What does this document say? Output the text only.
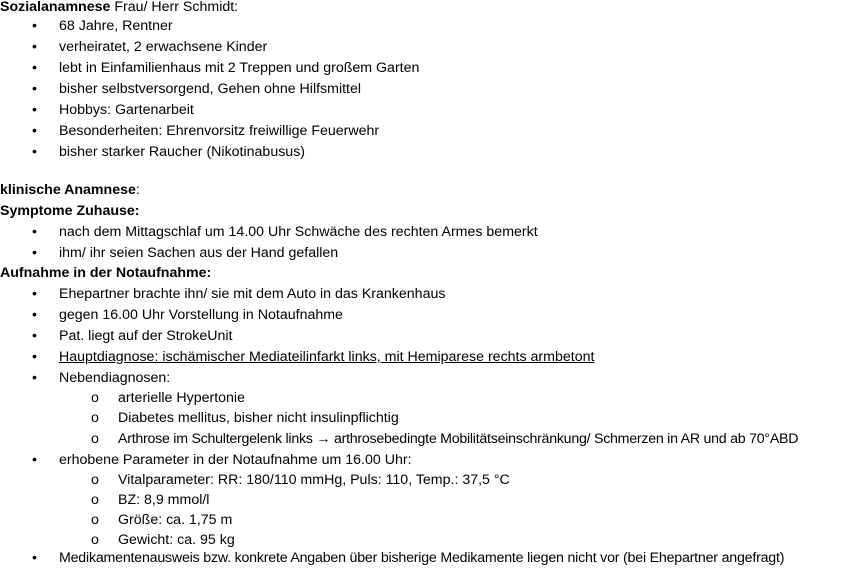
Sozialanamnese Frau/ Herr Schmidt:
• 68 Jahre, Rentner
• verheiratet, 2 erwachsene Kinder
• lebt in Einfamilienhaus mit 2 Treppen und großem Garten
• bisher selbstversorgend, Gehen ohne Hilfsmittel
• Hobbys: Gartenarbeit
• Besonderheiten: Ehrenvorsitz freiwillige Feuerwehr
• bisher starker Raucher (Nikotinabusus)
klinische Anamnese:
Symptome Zuhause:
• nach dem Mittagschlaf um 14.00 Uhr Schwäche des rechten Armes bemerkt
• ihm/ ihr seien Sachen aus der Hand gefallen
Aufnahme in der Notaufnahme:
• Ehepartner brachte ihn/ sie mit dem Auto in das Krankenhaus
• gegen 16.00 Uhr Vorstellung in Notaufnahme
• Pat. liegt auf der StrokeUnit
• Hauptdiagnose: ischämischer Mediateilinfarkt links, mit Hemiparese rechts armbetont
• Nebendiagnosen:
o arterielle Hypertonie
o Diabetes mellitus, bisher nicht insulinpflichtig
o Arthrose im Schultergelenk links → arthrosebedingte Mobilitätseinschränkung/ Schmerzen in AR und ab 70°ABD
• erhobene Parameter in der Notaufnahme um 16.00 Uhr:
o Vitalparameter: RR: 180/110 mmHg, Puls: 110, Temp.: 37,5 °C
o BZ: 8,9 mmol/l
o Größe: ca. 1,75 m
o Gewicht: ca. 95 kg
• Medikamentenausweis bzw. konkrete Angaben über bisherige Medikamente liegen nicht vor (bei Ehepartner angefragt)
